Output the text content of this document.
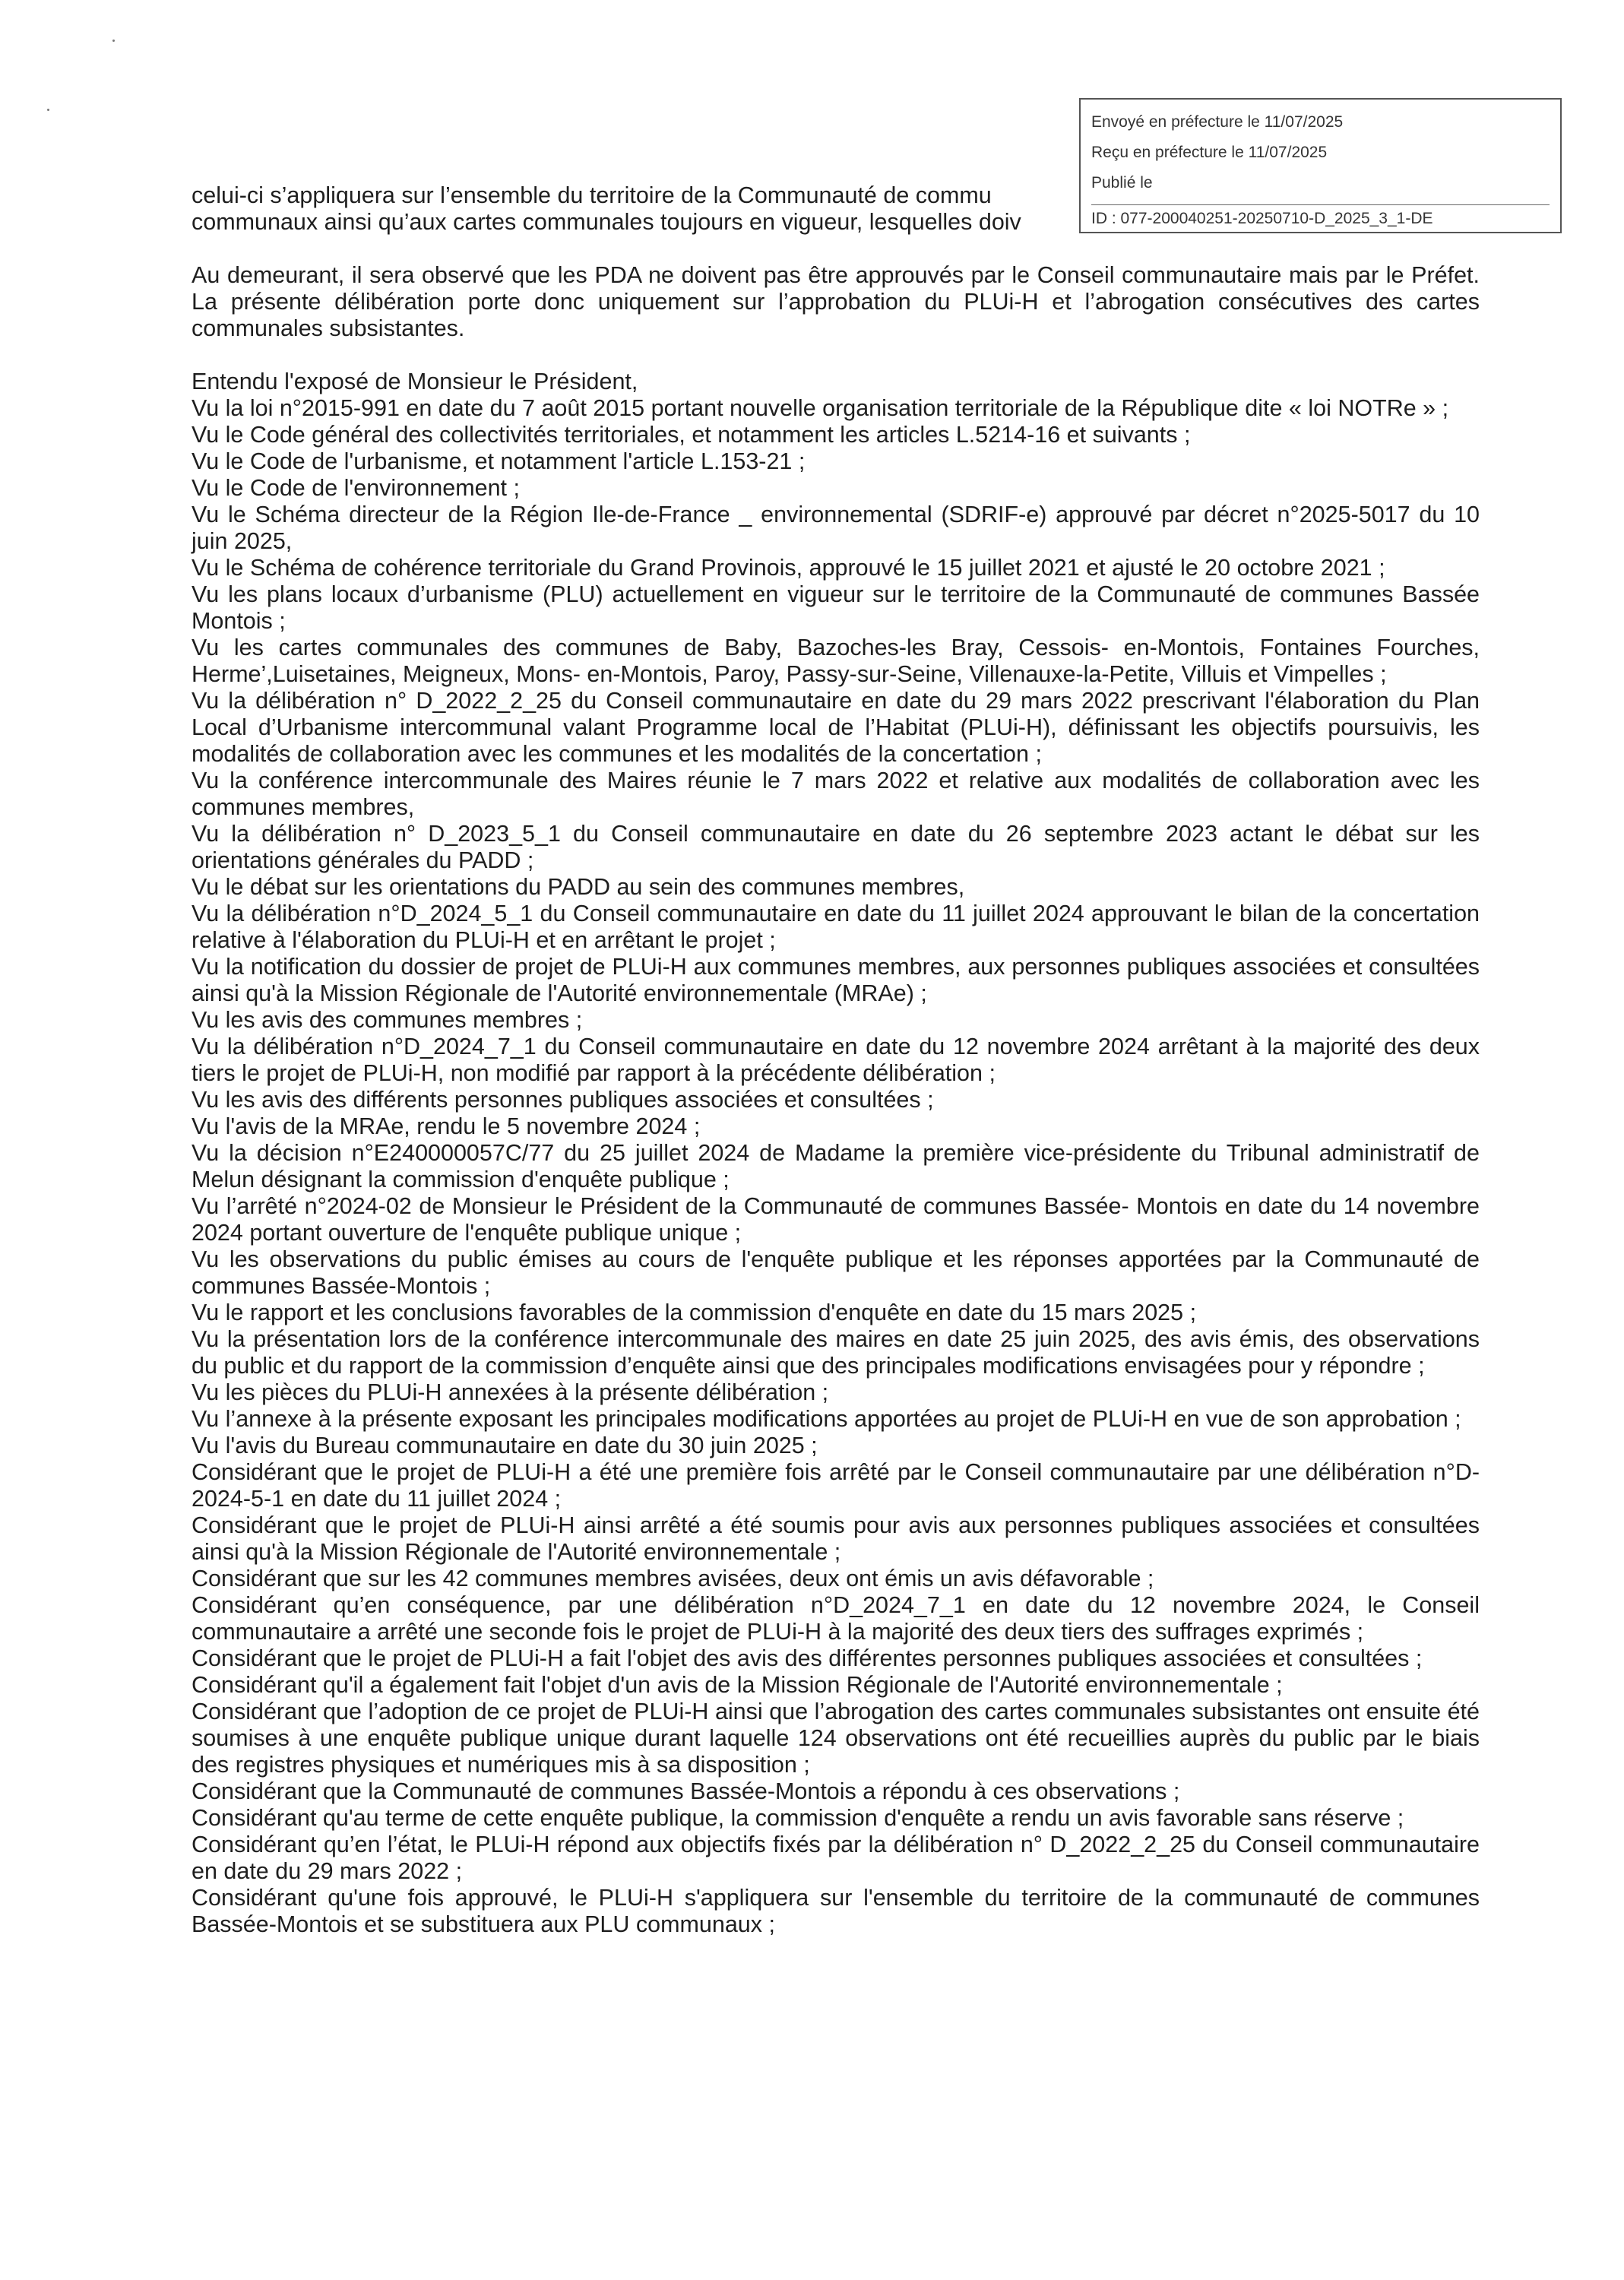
Envoyé en préfecture le 11/07/2025
Reçu en préfecture le 11/07/2025
Publié le
ID : 077-200040251-20250710-D_2025_3_1-DE
celui-ci s’appliquera sur l’ensemble du territoire de la Communauté de commu
communaux ainsi qu’aux cartes communales toujours en vigueur, lesquelles doiv
Au demeurant, il sera observé que les PDA ne doivent pas être approuvés par le Conseil communautaire mais par le Préfet. La présente délibération porte donc uniquement sur l’approbation du PLUi-H et l’abrogation consécutives des cartes communales subsistantes.
Entendu l'exposé de Monsieur le Président,
Vu la loi n°2015-991 en date du 7 août 2015 portant nouvelle organisation territoriale de la République dite « loi NOTRe » ;
Vu le Code général des collectivités territoriales, et notamment les articles L.5214-16 et suivants ;
Vu le Code de l'urbanisme, et notamment l'article L.153-21 ;
Vu le Code de l'environnement ;
Vu le Schéma directeur de la Région Ile-de-France _ environnemental (SDRIF-e) approuvé par décret n°2025-5017 du 10 juin 2025,
Vu le Schéma de cohérence territoriale du Grand Provinois, approuvé le 15 juillet 2021 et ajusté le 20 octobre 2021 ;
Vu les plans locaux d’urbanisme (PLU) actuellement en vigueur sur le territoire de la Communauté de communes Bassée Montois ;
Vu les cartes communales des communes de Baby, Bazoches-les Bray, Cessois- en-Montois, Fontaines Fourches, Herme’,Luisetaines, Meigneux, Mons- en-Montois, Paroy, Passy-sur-Seine, Villenauxe-la-Petite, Villuis et Vimpelles ;
Vu la délibération n° D_2022_2_25 du Conseil communautaire en date du 29 mars 2022 prescrivant l'élaboration du Plan Local d’Urbanisme intercommunal valant Programme local de l’Habitat (PLUi-H), définissant les objectifs poursuivis, les modalités de collaboration avec les communes et les modalités de la concertation ;
Vu la conférence intercommunale des Maires réunie le 7 mars 2022 et relative aux modalités de collaboration avec les communes membres,
Vu la délibération n° D_2023_5_1 du Conseil communautaire en date du 26 septembre 2023 actant le débat sur les orientations générales du PADD ;
Vu le débat sur les orientations du PADD au sein des communes membres,
Vu la délibération n°D_2024_5_1 du Conseil communautaire en date du 11 juillet 2024 approuvant le bilan de la concertation relative à l'élaboration du PLUi-H et en arrêtant le projet ;
Vu la notification du dossier de projet de PLUi-H aux communes membres, aux personnes publiques associées et consultées ainsi qu'à la Mission Régionale de l'Autorité environnementale (MRAe) ;
Vu les avis des communes membres ;
Vu la délibération n°D_2024_7_1 du Conseil communautaire en date du 12 novembre 2024 arrêtant à la majorité des deux tiers le projet de PLUi-H, non modifié par rapport à la précédente délibération ;
Vu les avis des différents personnes publiques associées et consultées ;
Vu l'avis de la MRAe, rendu le 5 novembre 2024 ;
Vu la décision n°E240000057C/77 du 25 juillet 2024 de Madame la première vice-présidente du Tribunal administratif de Melun désignant la commission d'enquête publique ;
Vu l’arrêté n°2024-02 de Monsieur le Président de la Communauté de communes Bassée- Montois en date du 14 novembre 2024 portant ouverture de l'enquête publique unique ;
Vu les observations du public émises au cours de l'enquête publique et les réponses apportées par la Communauté de communes Bassée-Montois ;
Vu le rapport et les conclusions favorables de la commission d'enquête en date du 15 mars 2025 ;
Vu la présentation lors de la conférence intercommunale des maires en date 25 juin 2025, des avis émis, des observations du public et du rapport de la commission d’enquête ainsi que des principales modifications envisagées pour y répondre ;
Vu les pièces du PLUi-H annexées à la présente délibération ;
Vu l’annexe à la présente exposant les principales modifications apportées au projet de PLUi-H en vue de son approbation ;
Vu l'avis du Bureau communautaire en date du 30 juin 2025 ;
Considérant que le projet de PLUi-H a été une première fois arrêté par le Conseil communautaire par une délibération n°D-2024-5-1 en date du 11 juillet 2024 ;
Considérant que le projet de PLUi-H ainsi arrêté a été soumis pour avis aux personnes publiques associées et consultées ainsi qu'à la Mission Régionale de l'Autorité environnementale ;
Considérant que sur les 42 communes membres avisées, deux ont émis un avis défavorable ;
Considérant qu’en conséquence, par une délibération n°D_2024_7_1 en date du 12 novembre 2024, le Conseil communautaire a arrêté une seconde fois le projet de PLUi-H à la majorité des deux tiers des suffrages exprimés ;
Considérant que le projet de PLUi-H a fait l'objet des avis des différentes personnes publiques associées et consultées ;
Considérant qu'il a également fait l'objet d'un avis de la Mission Régionale de l'Autorité environnementale ;
Considérant que l’adoption de ce projet de PLUi-H ainsi que l’abrogation des cartes communales subsistantes ont ensuite été soumises à une enquête publique unique durant laquelle 124 observations ont été recueillies auprès du public par le biais des registres physiques et numériques mis à sa disposition ;
Considérant que la Communauté de communes Bassée-Montois a répondu à ces observations ;
Considérant qu'au terme de cette enquête publique, la commission d'enquête a rendu un avis favorable sans réserve ;
Considérant qu’en l’état, le PLUi-H répond aux objectifs fixés par la délibération n° D_2022_2_25 du Conseil communautaire en date du 29 mars 2022 ;
Considérant qu'une fois approuvé, le PLUi-H s'appliquera sur l'ensemble du territoire de la communauté de communes Bassée-Montois et se substituera aux PLU communaux ;
